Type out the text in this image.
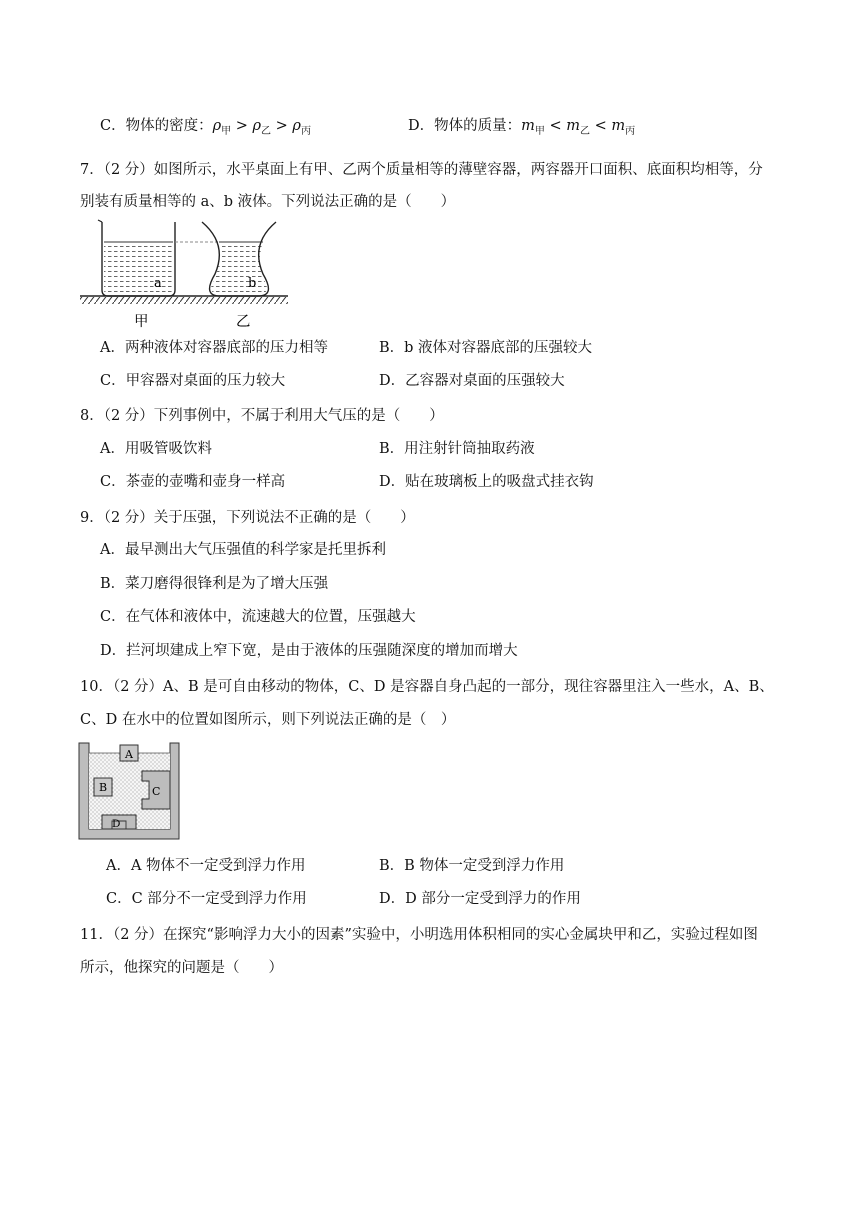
C．物体的密度：$\rho_甲 > \rho_乙 > \rho_丙$	D．物体的质量：$m_甲 < m_乙 < m_丙$
7．（2 分）如图所示，水平桌面上有甲、乙两个质量相等的薄壁容器，两容器开口面积、底面积均相等，分
别装有质量相等的 a、b 液体。下列说法正确的是（　　）
a	b
甲	乙
A．两种液体对容器底部的压力相等	B．b 液体对容器底部的压强较大
C．甲容器对桌面的压力较大	D．乙容器对桌面的压强较大
8．（2 分）下列事例中，不属于利用大气压的是（　　）
A．用吸管吸饮料	B．用注射针筒抽取药液
C．茶壶的壶嘴和壶身一样高	D．贴在玻璃板上的吸盘式挂衣钩
9．（2 分）关于压强，下列说法不正确的是（　　）
A．最早测出大气压强值的科学家是托里拆利
B．菜刀磨得很锋利是为了增大压强
C．在气体和液体中，流速越大的位置，压强越大
D．拦河坝建成上窄下宽，是由于液体的压强随深度的增加而增大
10．（2 分）A、B 是可自由移动的物体，C、D 是容器自身凸起的一部分，现往容器里注入一些水，A、B、
C、D 在水中的位置如图所示，则下列说法正确的是（　）
A
B	C
D
A．A 物体不一定受到浮力作用	B．B 物体一定受到浮力作用
C．C 部分不一定受到浮力作用	D．D 部分一定受到浮力的作用
11．（2 分）在探究“影响浮力大小的因素”实验中，小明选用体积相同的实心金属块甲和乙，实验过程如图
所示，他探究的问题是（　　）
